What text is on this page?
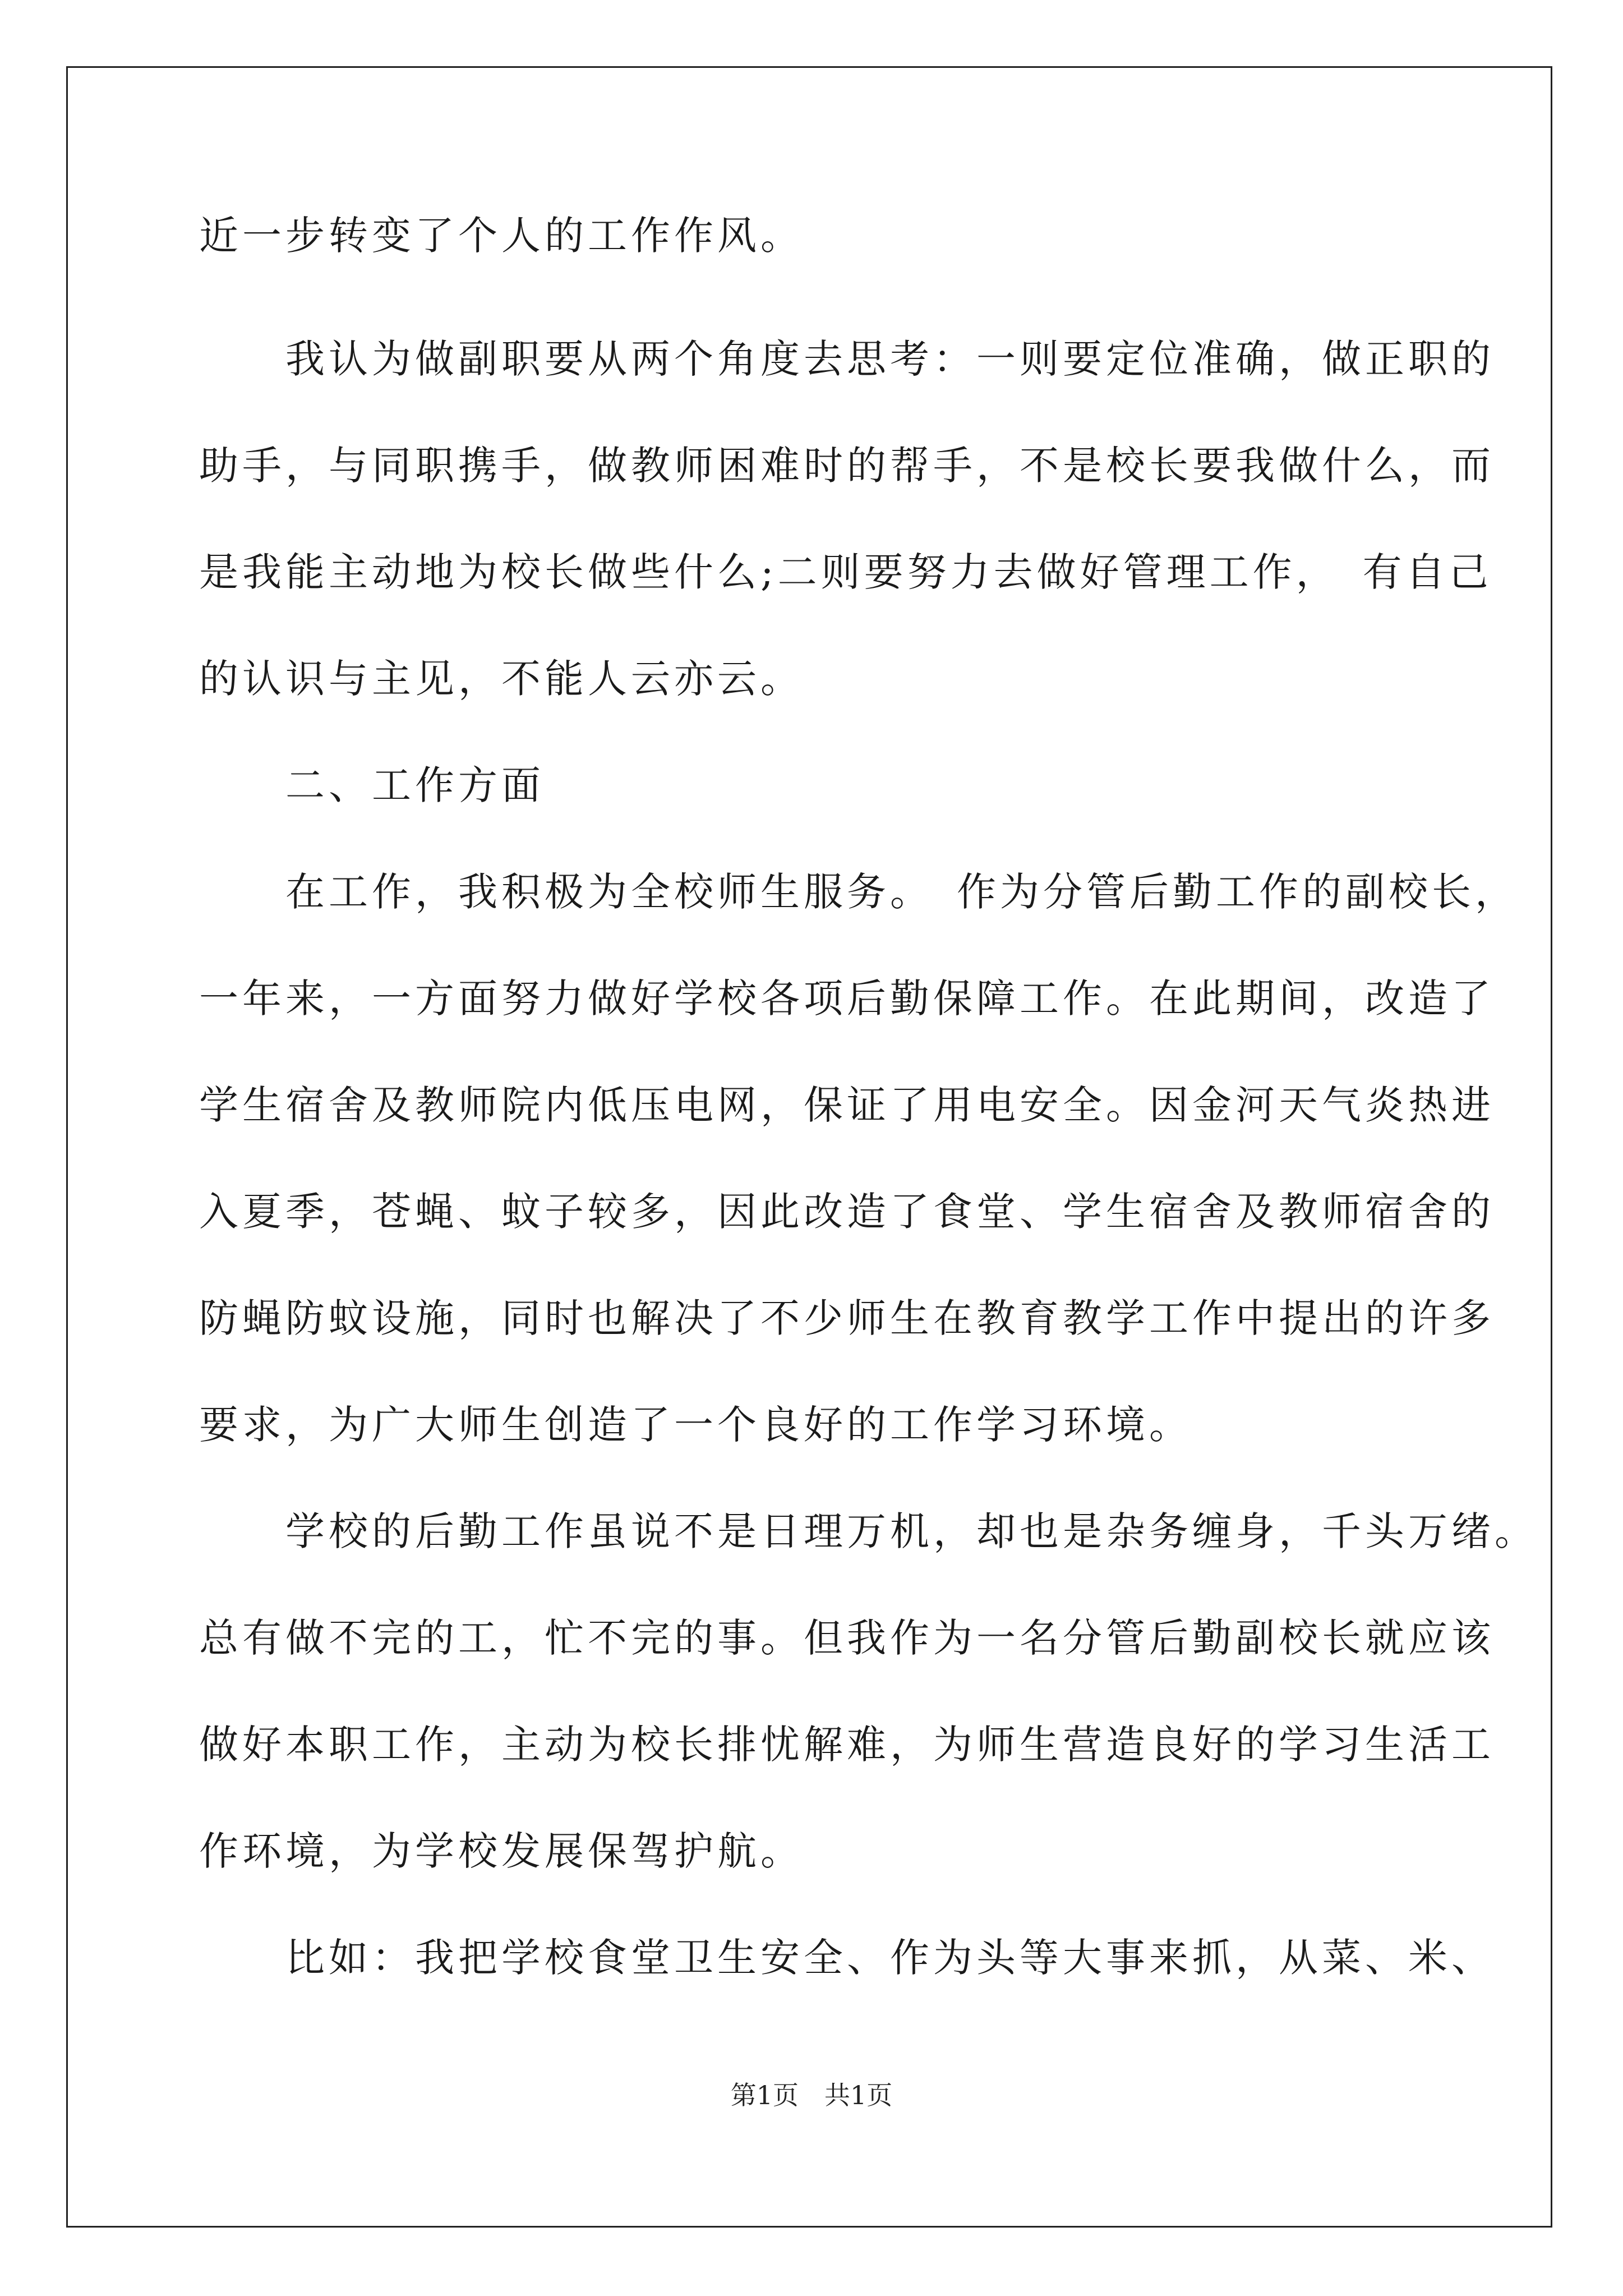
近一步转变了个人的工作作风。
　　我认为做副职要从两个角度去思考：一则要定位准确，做正职的
助手，与同职携手，做教师困难时的帮手，不是校长要我做什么，而
是我能主动地为校长做些什么;二则要努力去做好管理工作，　有自己
的认识与主见，不能人云亦云。
　　二、工作方面
　　在工作，我积极为全校师生服务。　作为分管后勤工作的副校长，
一年来，一方面努力做好学校各项后勤保障工作。在此期间，改造了
学生宿舍及教师院内低压电网，保证了用电安全。因金河天气炎热进
入夏季，苍蝇、蚊子较多，因此改造了食堂、学生宿舍及教师宿舍的
防蝇防蚊设施，同时也解决了不少师生在教育教学工作中提出的许多
要求，为广大师生创造了一个良好的工作学习环境。
　　学校的后勤工作虽说不是日理万机，却也是杂务缠身，千头万绪。
总有做不完的工，忙不完的事。但我作为一名分管后勤副校长就应该
做好本职工作，主动为校长排忧解难，为师生营造良好的学习生活工
作环境，为学校发展保驾护航。
　　比如：我把学校食堂卫生安全、作为头等大事来抓，从菜、米、
第1页　共1页
